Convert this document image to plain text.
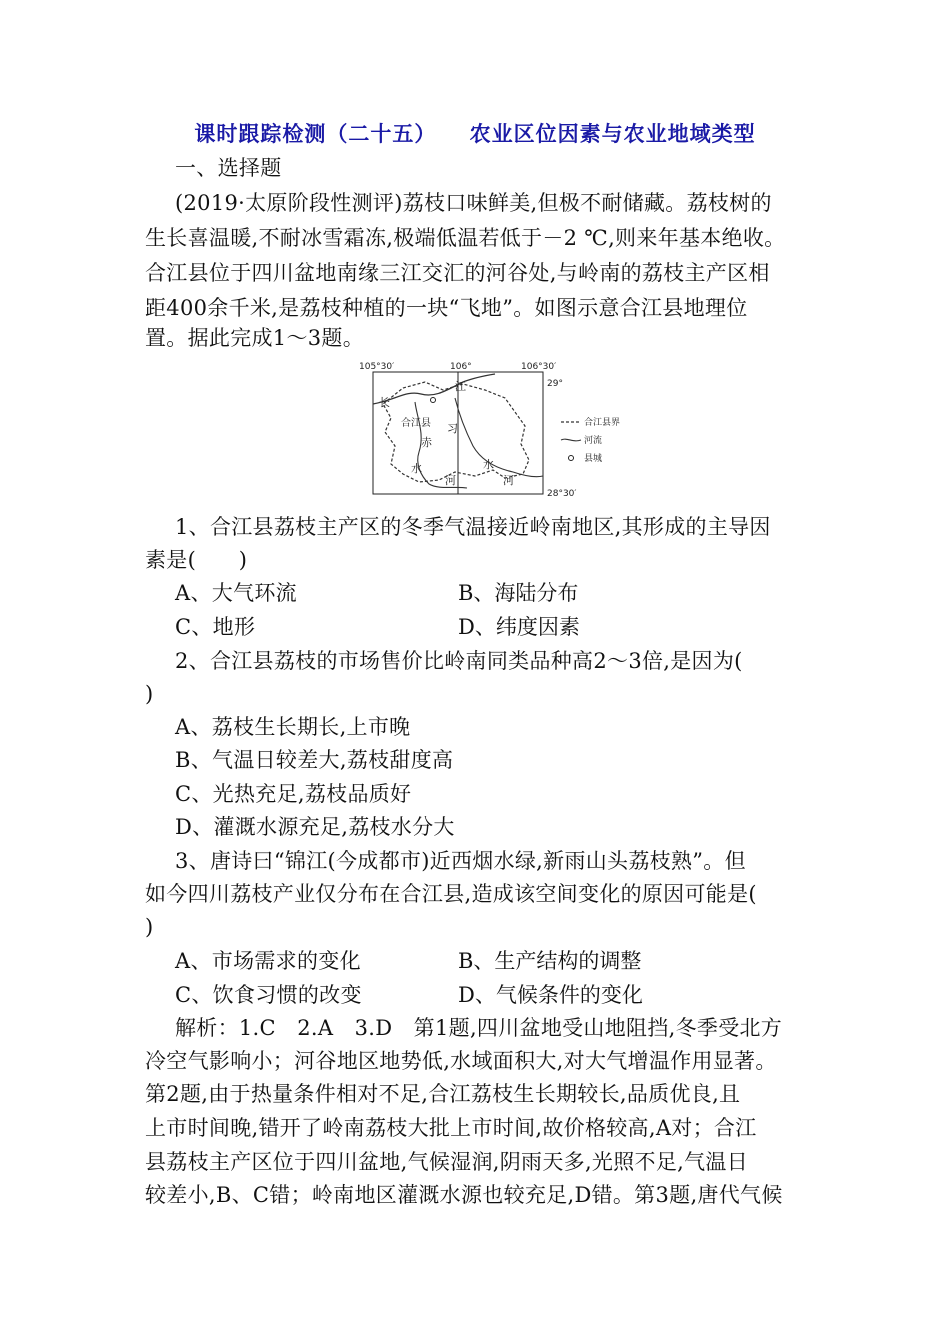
课时跟踪检测（二十五）    农业区位因素与农业地域类型
一、选择题
(2019·太原阶段性测评)荔枝口味鲜美,但极不耐储藏。荔枝树的
生长喜温暖,不耐冰雪霜冻,极端低温若低于－2 ℃,则来年基本绝收。
合江县位于四川盆地南缘三江交汇的河谷处,与岭南的荔枝主产区相
距400余千米,是荔枝种植的一块“飞地”。如图示意合江县地理位
置。据此完成1～3题。
105°30′	106°	106°30′
29°
28°30′
长
江
合江县
赤
习
水
河
水
河
合江县界
河流
县城
1、合江县荔枝主产区的冬季气温接近岭南地区,其形成的主导因
素是(　　)
A、大气环流	B、海陆分布
C、地形	D、纬度因素
2、合江县荔枝的市场售价比岭南同类品种高2～3倍,是因为(
)
A、荔枝生长期长,上市晚
B、气温日较差大,荔枝甜度高
C、光热充足,荔枝品质好
D、灌溉水源充足,荔枝水分大
3、唐诗曰“锦江(今成都市)近西烟水绿,新雨山头荔枝熟”。但
如今四川荔枝产业仅分布在合江县,造成该空间变化的原因可能是(
)
A、市场需求的变化	B、生产结构的调整
C、饮食习惯的改变	D、气候条件的变化
解析：1.C　2.A　3.D　第1题,四川盆地受山地阻挡,冬季受北方
冷空气影响小；河谷地区地势低,水域面积大,对大气增温作用显著。
第2题,由于热量条件相对不足,合江荔枝生长期较长,品质优良,且
上市时间晚,错开了岭南荔枝大批上市时间,故价格较高,A对；合江
县荔枝主产区位于四川盆地,气候湿润,阴雨天多,光照不足,气温日
较差小,B、C错；岭南地区灌溉水源也较充足,D错。第3题,唐代气候
